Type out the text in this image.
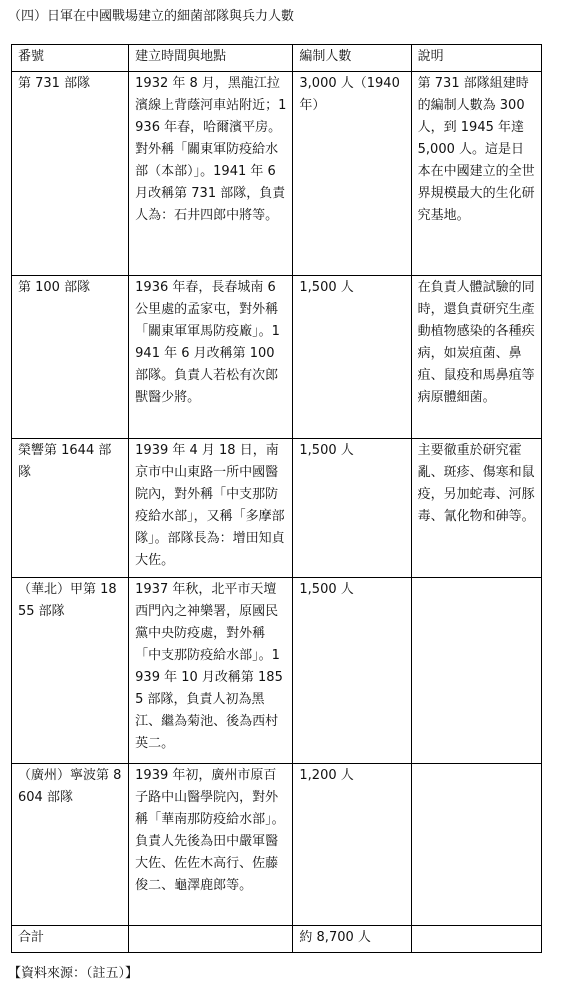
（四）日軍在中國戰場建立的細菌部隊與兵力人數
番號	建立時間與地點	編制人數	說明
第 731 部隊	1932 年 8 月，黑龍江拉濱線上背蔭河車站附近；1936 年春，哈爾濱平房。對外稱「關東軍防疫給水部（本部）」。1941 年 6 月改稱第 731 部隊，負責人為：石井四郎中將等。	3,000 人（1940 年）	第 731 部隊組建時的編制人數為 300 人，到 1945 年達 5,000 人。這是日本在中國建立的全世界規模最大的生化研究基地。
第 100 部隊	1936 年春，長春城南 6 公里處的孟家屯，對外稱「關東軍軍馬防疫廠」。1941 年 6 月改稱第 100 部隊。負責人若松有次郎獸醫少將。	1,500 人	在負責人體試驗的同時，還負責研究生產動植物感染的各種疾病，如炭疽菌、鼻疽、鼠疫和馬鼻疽等病原體細菌。
榮響第 1644 部隊	1939 年 4 月 18 日，南京市中山東路一所中國醫院內，對外稱「中支那防疫給水部」，又稱「多摩部隊」。部隊長為：增田知貞大佐。	1,500 人	主要徹重於研究霍亂、斑疹、傷寒和鼠疫，另加蛇毒、河豚毒、氰化物和砷等。
（華北）甲第 1855 部隊	1937 年秋，北平市天壇西門內之神樂署，原國民黨中央防疫處，對外稱「中支那防疫給水部」。1939 年 10 月改稱第 1855 部隊，負責人初為黑江、繼為菊池、後為西村英二。	1,500 人	
（廣州）寧波第 8604 部隊	1939 年初，廣州市原百子路中山醫學院內，對外稱「華南那防疫給水部」。負責人先後為田中嚴軍醫大佐、佐佐木高行、佐藤俊二、龜澤鹿郎等。	1,200 人	
合計		約 8,700 人	
【資料來源：（註五）】
